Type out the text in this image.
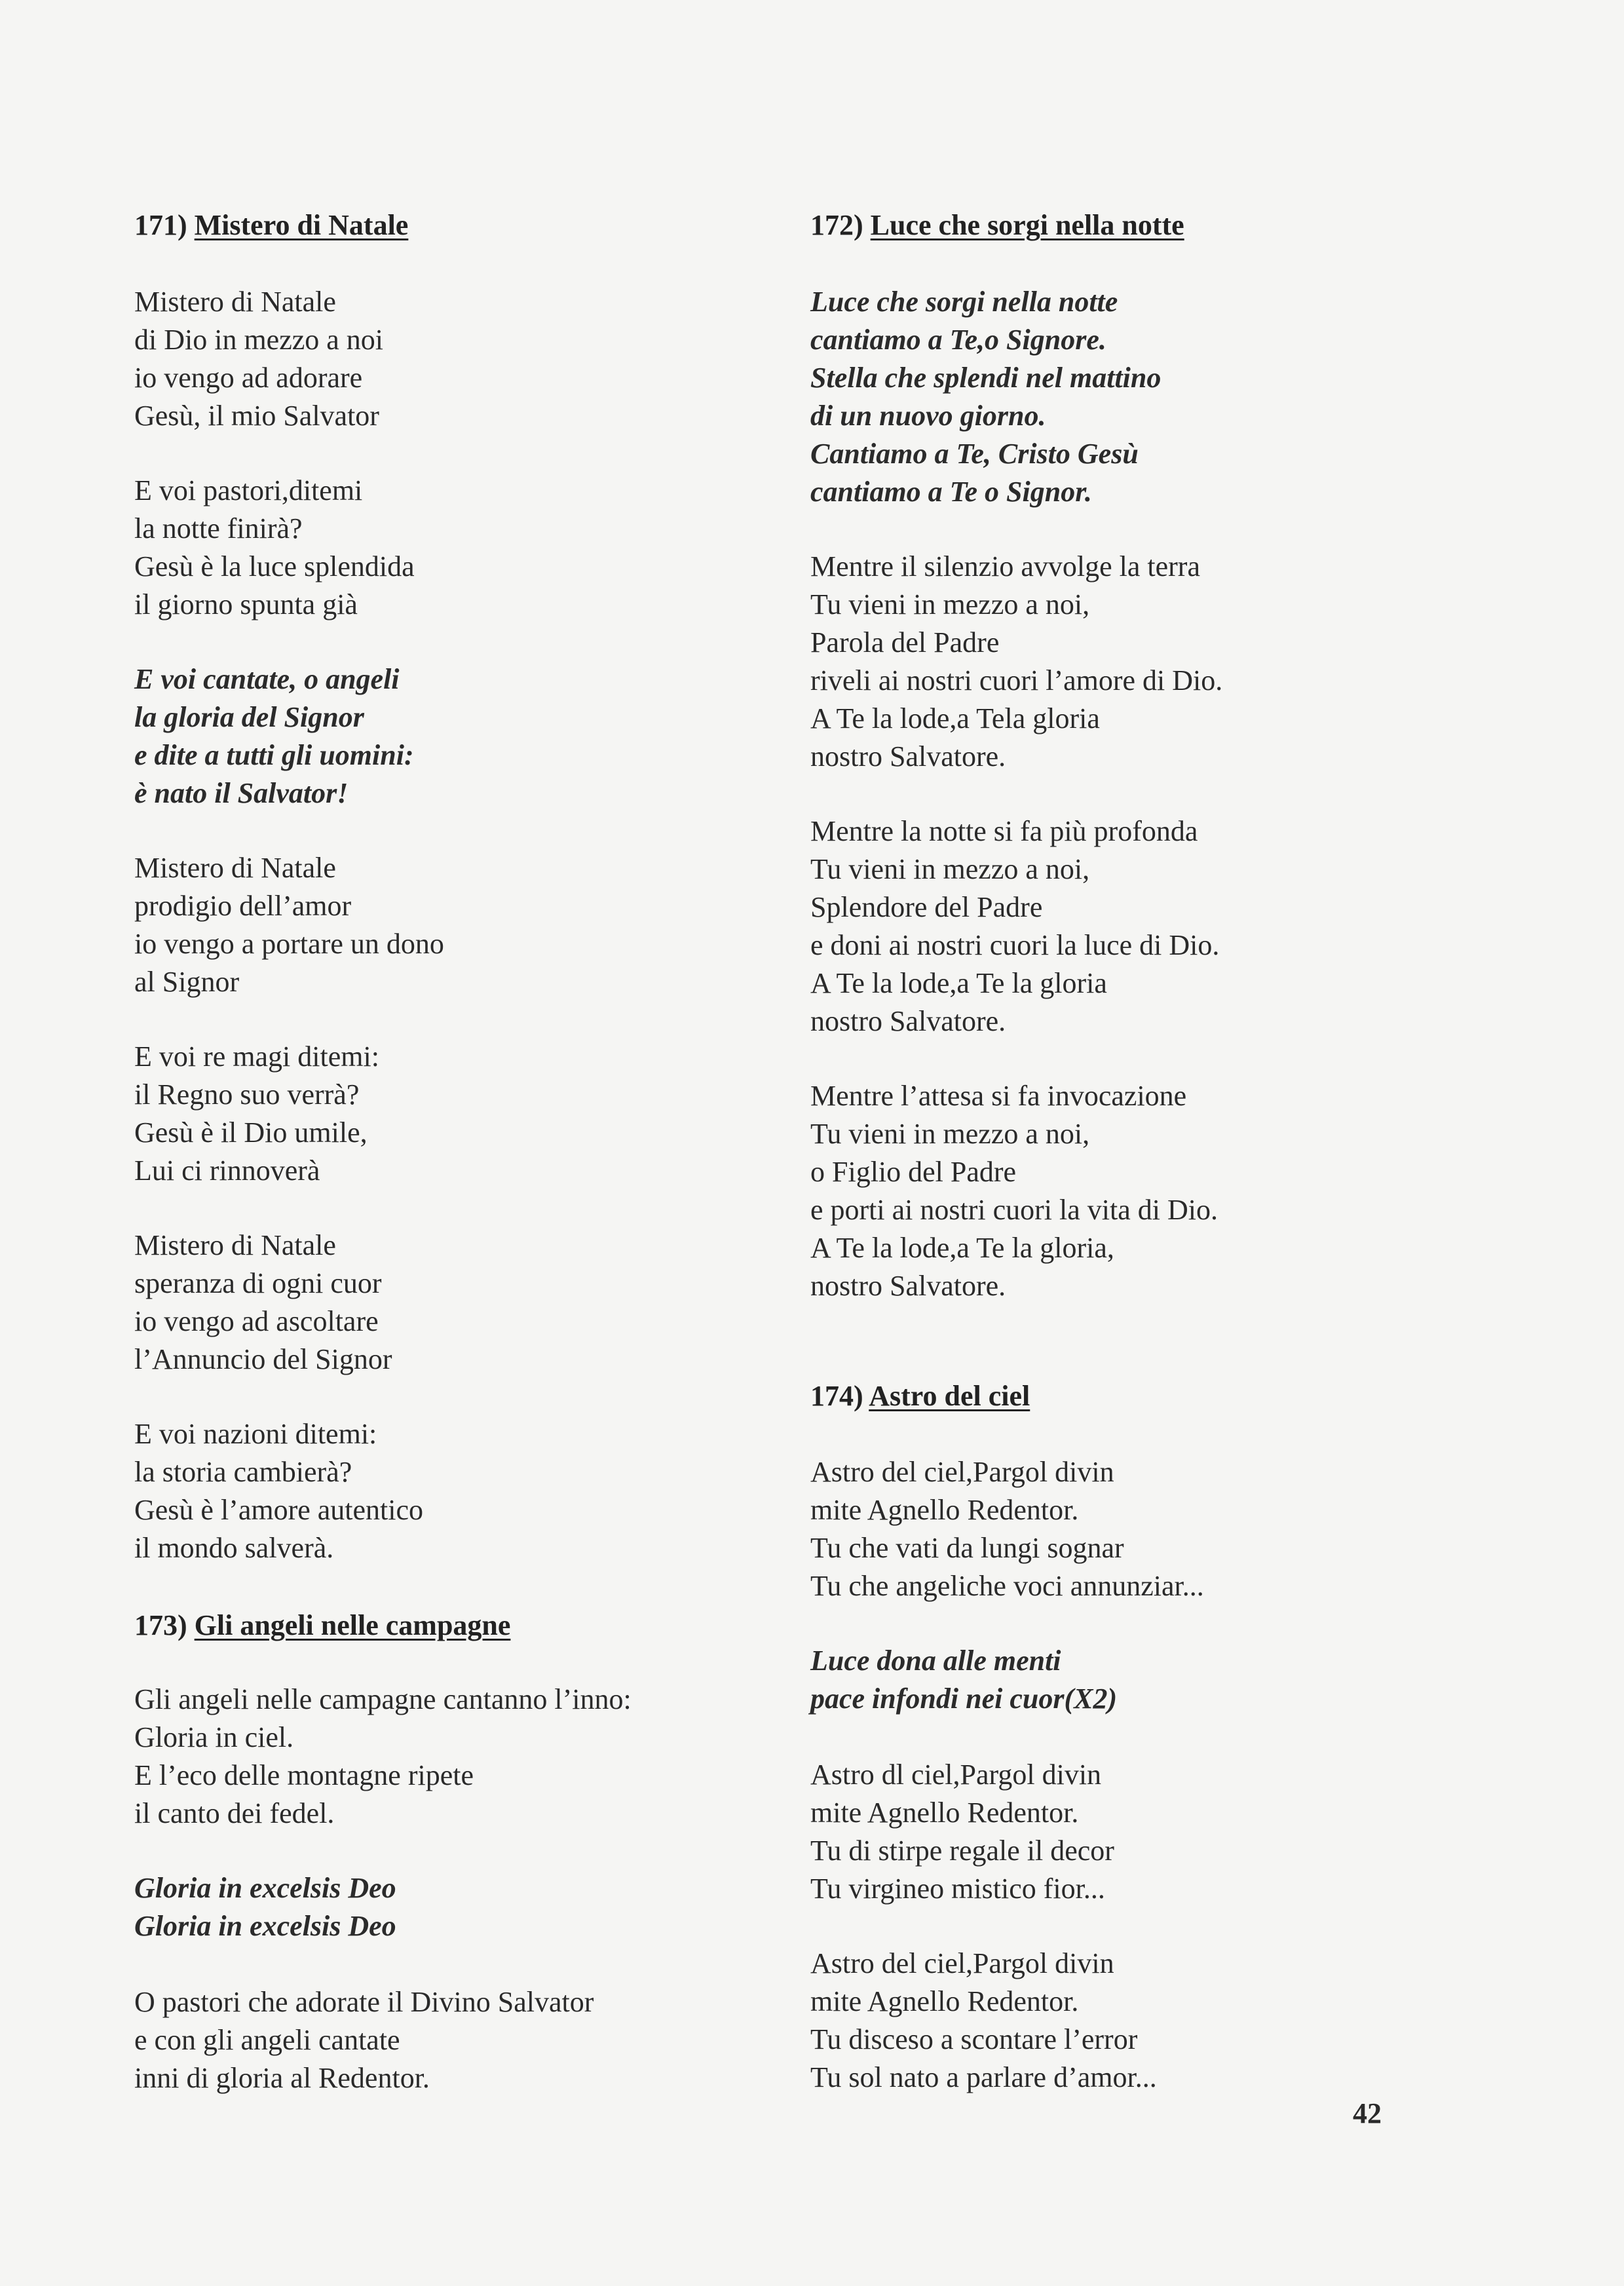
171) Mistero di Natale
Mistero di Natale
di Dio in mezzo a noi
io vengo ad adorare
Gesù, il mio Salvator
E voi pastori,ditemi
la notte finirà?
Gesù è la luce splendida
il giorno spunta già
E voi cantate, o angeli
la gloria del Signor
e dite a tutti gli uomini:
è nato il Salvator!
Mistero di Natale
prodigio dell’amor
io vengo a portare un dono
al Signor
E voi re magi ditemi:
il Regno suo verrà?
Gesù è il Dio umile,
Lui ci rinnoverà
Mistero di Natale
speranza di ogni cuor
io vengo ad ascoltare
l’Annuncio del Signor
E voi nazioni ditemi:
la storia cambierà?
Gesù è l’amore autentico
il mondo salverà.
173) Gli angeli nelle campagne
Gli angeli nelle campagne cantanno l’inno:
Gloria in ciel.
E l’eco delle montagne ripete
il canto dei fedel.
Gloria in excelsis Deo
Gloria in excelsis Deo
O pastori che adorate il Divino Salvator
e con gli angeli cantate
inni di gloria al Redentor.
172) Luce che sorgi nella notte
Luce che sorgi nella notte
cantiamo a Te,o Signore.
Stella che splendi nel mattino
di un nuovo giorno.
Cantiamo a Te, Cristo Gesù
cantiamo a Te o Signor.
Mentre il silenzio avvolge la terra
Tu vieni in mezzo a noi,
Parola del Padre
riveli ai nostri cuori l’amore di Dio.
A Te la lode,a Tela gloria
nostro Salvatore.
Mentre la notte si fa più profonda
Tu vieni in mezzo a noi,
Splendore del Padre
e doni ai nostri cuori la luce di Dio.
A Te la lode,a Te la gloria
nostro Salvatore.
Mentre l’attesa si fa invocazione
Tu vieni in mezzo a noi,
o Figlio del Padre
e porti ai nostri cuori la vita di Dio.
A Te la lode,a Te la gloria,
nostro Salvatore.
174) Astro del ciel
Astro del ciel,Pargol divin
mite Agnello Redentor.
Tu che vati da lungi sognar
Tu che angeliche voci annunziar...
Luce dona alle menti
pace infondi nei cuor(X2)
Astro dl ciel,Pargol divin
mite Agnello Redentor.
Tu di stirpe regale il decor
Tu virgineo mistico fior...
Astro del ciel,Pargol divin
mite Agnello Redentor.
Tu disceso a scontare l’error
Tu sol nato a parlare d’amor...
42
